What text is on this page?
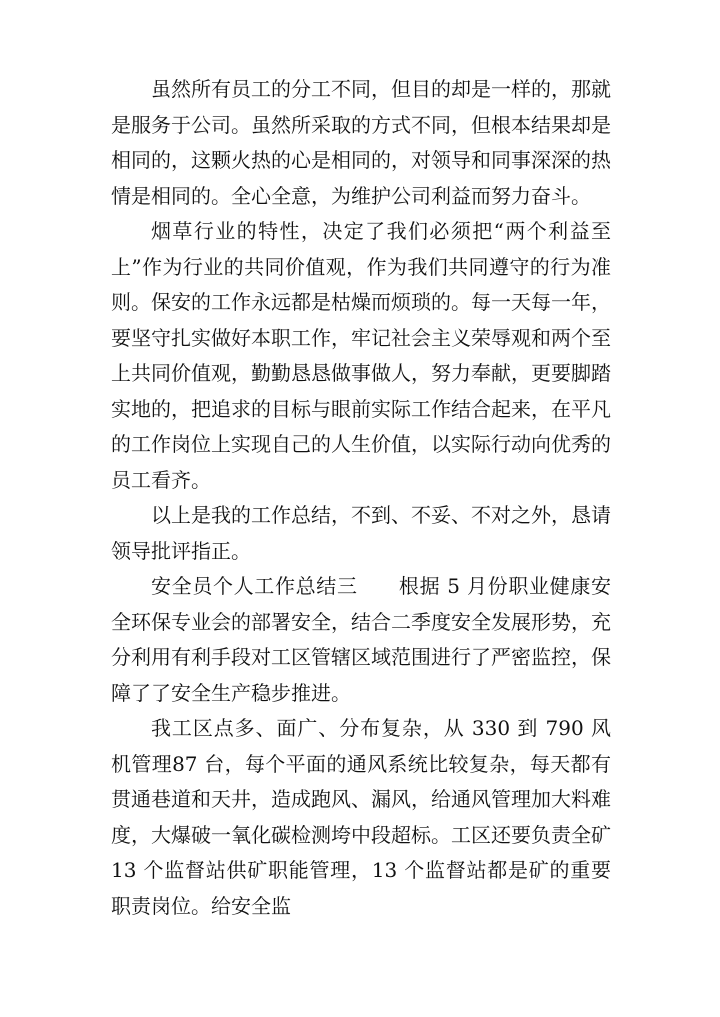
虽然所有员工的分工不同，但目的却是一样的，那就是服务于公司。虽然所采取的方式不同，但根本结果却是相同的，这颗火热的心是相同的，对领导和同事深深的热情是相同的。全心全意，为维护公司利益而努力奋斗。

烟草行业的特性，决定了我们必须把“两个利益至上”作为行业的共同价值观，作为我们共同遵守的行为准则。保安的工作永远都是枯燥而烦琐的。每一天每一年，要坚守扎实做好本职工作，牢记社会主义荣辱观和两个至上共同价值观，勤勤恳恳做事做人，努力奉献，更要脚踏实地的，把追求的目标与眼前实际工作结合起来，在平凡的工作岗位上实现自己的人生价值，以实际行动向优秀的员工看齐。

以上是我的工作总结，不到、不妥、不对之外，恳请领导批评指正。

安全员个人工作总结三　　根据 5 月份职业健康安全环保专业会的部署安全，结合二季度安全发展形势，充分利用有利手段对工区管辖区域范围进行了严密监控，保障了了安全生产稳步推进。

我工区点多、面广、分布复杂，从 330 到 790 风机管理87 台，每个平面的通风系统比较复杂，每天都有贯通巷道和天井，造成跑风、漏风，给通风管理加大料难度，大爆破一氧化碳检测垮中段超标。工区还要负责全矿 13 个监督站供矿职能管理，13 个监督站都是矿的重要职责岗位。给安全监
